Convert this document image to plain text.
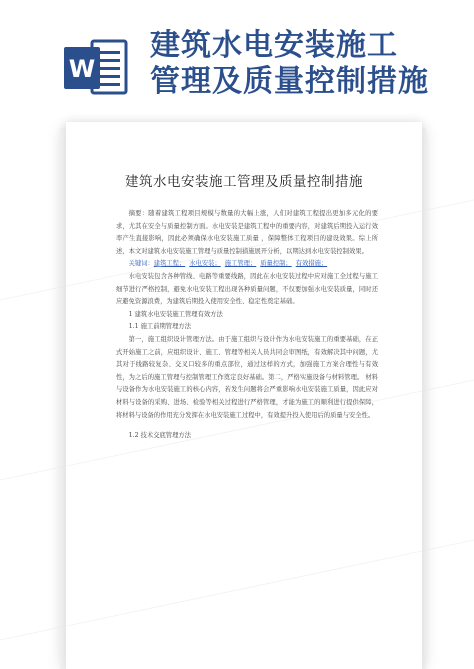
W
建筑水电安装施工
管理及质量控制措施
建筑水电安装施工管理及质量控制措施

摘要：随着建筑工程项目规模与数量的大幅上涨，人们对建筑工程提出更加多元化的要求，尤其在安全与质量控制方面。水电安装是建筑工程中的重要内容，对建筑后期投入运行效率产生直接影响，因此必须确保水电安装施工质量 ，保障整体工程项目的建设效果。综上所述，本文对建筑水电安装施工管理与质量控制措施展开分析，以期达到水电安装控制效果。

关键词：建筑工程； 水电安装； 施工管理； 质量控制； 有效措施；

水电安装包含各种管线、电路等重要线路，因此在水电安装过程中应对施工全过程与施工细节进行严格控制，避免水电安装工程出现各种质量问题，不仅要加强水电安装质量，同时还应避免资源浪费，为建筑后期投入使用安全性、稳定性奠定基础。

1 建筑水电安装施工管理有效方法

1.1 施工前期管理方法

第一，施工组织设计管理方法。由于施工组织与设计作为水电安装施工的重要基础，在正式开始施工之前，应组织设计、施工、管理等相关人员共同会审图纸，有效解决其中问题，尤其对于线路较复杂、交叉口较多的重点部位，通过这样的方式，加强施工方案合理性与有效性，为之后的施工管理与控制管理工作奠定良好基础。第二，严格实施设备与材料管理。 材料与设备作为水电安装施工的核心内容，若发生问题将会严重影响水电安装施工质量，因此应对材料与设备的采购、进场、检验等相关过程进行严格管理，才能为施工的顺利进行提供保障，将材料与设备的作用充分发挥在水电安装施工过程中，有效提升投入使用后的质量与安全性。

1.2 技术交底管理方法
